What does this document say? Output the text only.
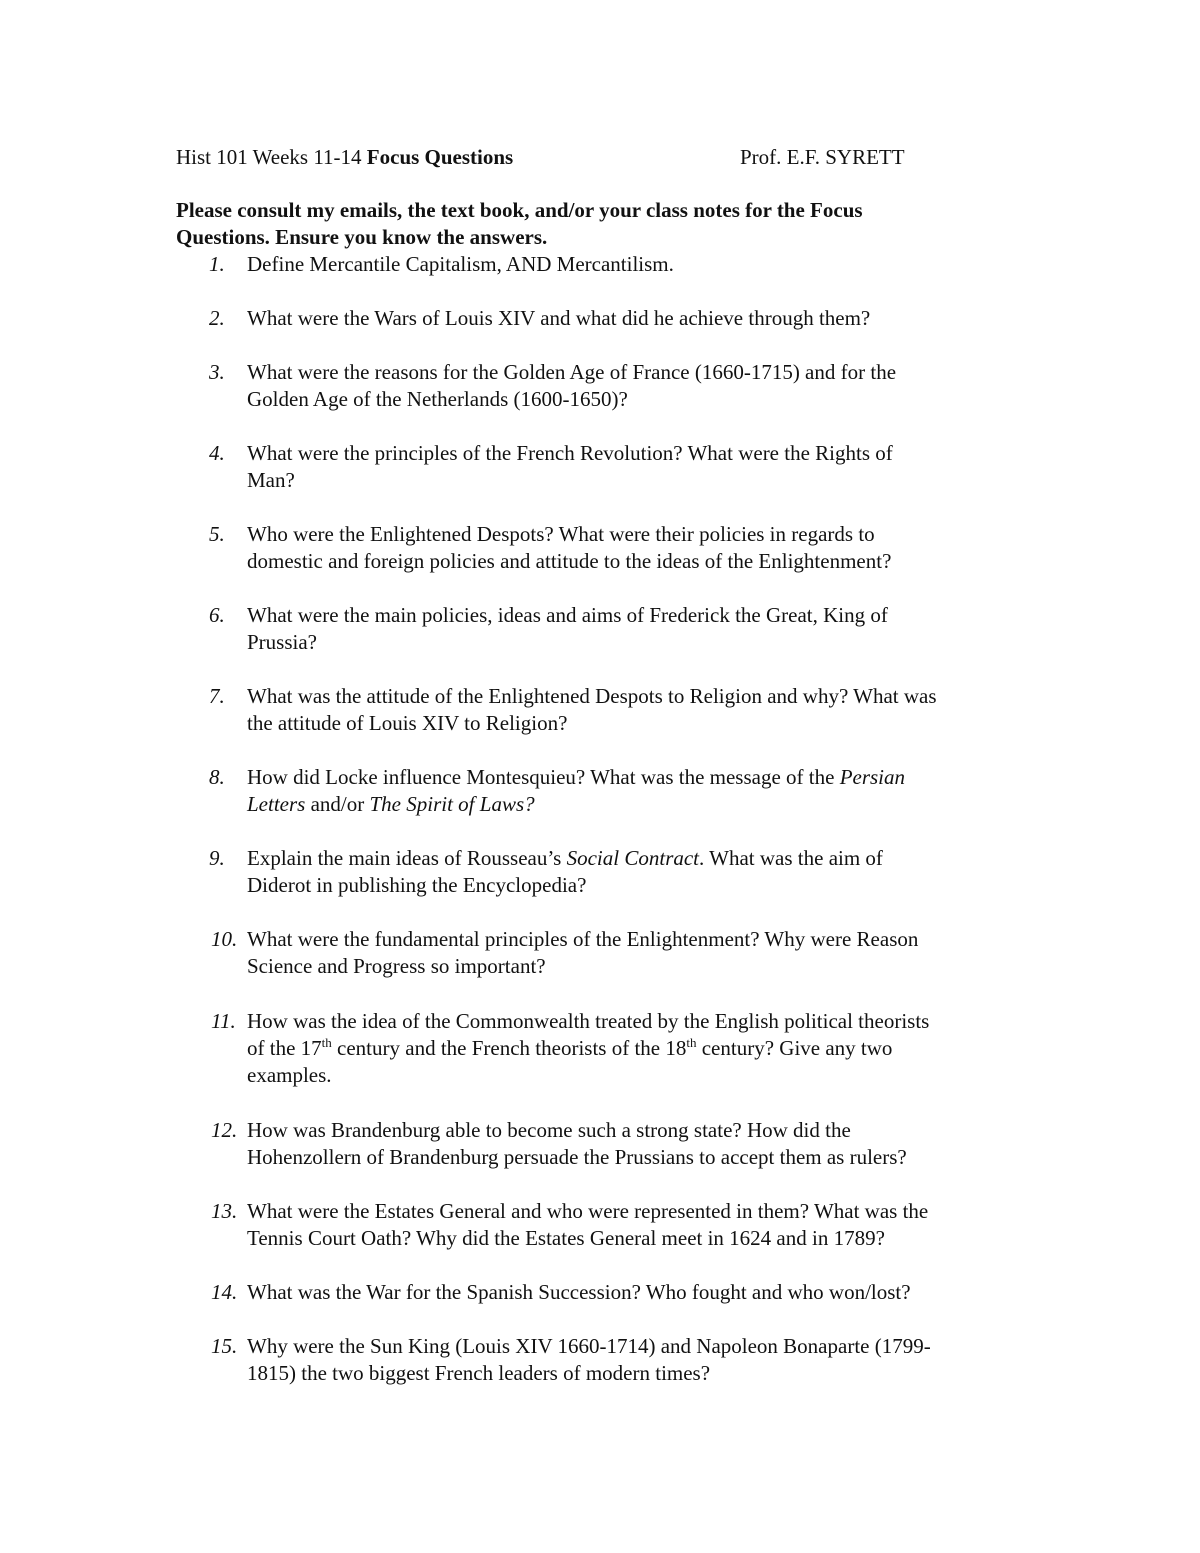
Hist 101 Weeks 11-14 Focus Questions	Prof. E.F. SYRETT
Please consult my emails, the text book, and/or your class notes for the Focus
Questions. Ensure you know the answers.
1. Define Mercantile Capitalism, AND Mercantilism.
2. What were the Wars of Louis XIV and what did he achieve through them?
3. What were the reasons for the Golden Age of France (1660-1715) and for the
Golden Age of the Netherlands (1600-1650)?
4. What were the principles of the French Revolution? What were the Rights of
Man?
5. Who were the Enlightened Despots? What were their policies in regards to
domestic and foreign policies and attitude to the ideas of the Enlightenment?
6. What were the main policies, ideas and aims of Frederick the Great, King of
Prussia?
7. What was the attitude of the Enlightened Despots to Religion and why? What was
the attitude of Louis XIV to Religion?
8. How did Locke influence Montesquieu? What was the message of the Persian
Letters and/or The Spirit of Laws?
9. Explain the main ideas of Rousseau’s Social Contract. What was the aim of
Diderot in publishing the Encyclopedia?
10. What were the fundamental principles of the Enlightenment? Why were Reason
Science and Progress so important?
11. How was the idea of the Commonwealth treated by the English political theorists
of the 17th century and the French theorists of the 18th century? Give any two
examples.
12. How was Brandenburg able to become such a strong state? How did the
Hohenzollern of Brandenburg persuade the Prussians to accept them as rulers?
13. What were the Estates General and who were represented in them? What was the
Tennis Court Oath? Why did the Estates General meet in 1624 and in 1789?
14. What was the War for the Spanish Succession? Who fought and who won/lost?
15. Why were the Sun King (Louis XIV 1660-1714) and Napoleon Bonaparte (1799-
1815) the two biggest French leaders of modern times?
